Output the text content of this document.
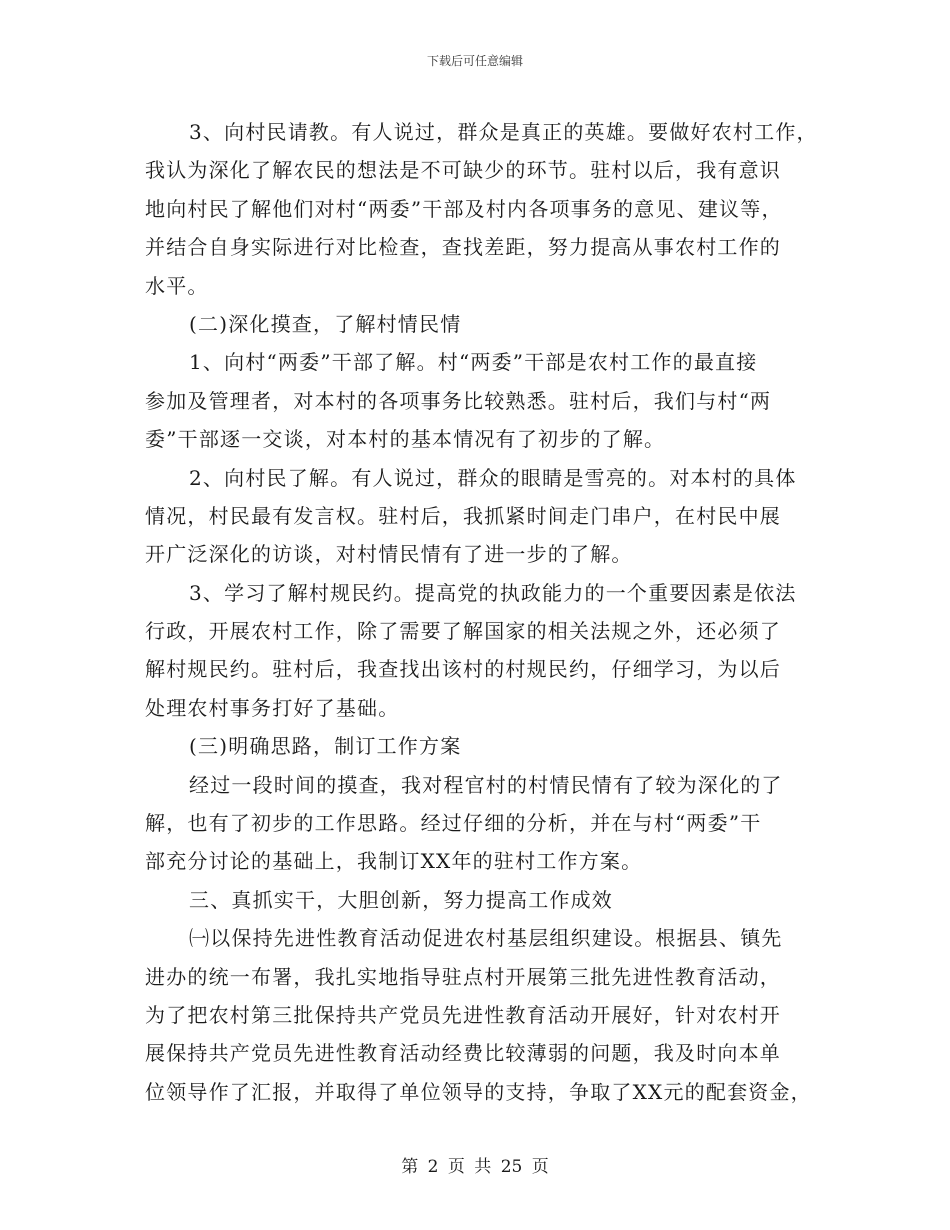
下载后可任意编辑
3、向村民请教。有人说过，群众是真正的英雄。要做好农村工作，
我认为深化了解农民的想法是不可缺少的环节。驻村以后，我有意识
地向村民了解他们对村“两委”干部及村内各项事务的意见、建议等，
并结合自身实际进行对比检查，查找差距，努力提高从事农村工作的
水平。
(二)深化摸查，了解村情民情
1、向村“两委”干部了解。村“两委”干部是农村工作的最直接
参加及管理者，对本村的各项事务比较熟悉。驻村后，我们与村“两
委”干部逐一交谈，对本村的基本情况有了初步的了解。
2、向村民了解。有人说过，群众的眼睛是雪亮的。对本村的具体
情况，村民最有发言权。驻村后，我抓紧时间走门串户，在村民中展
开广泛深化的访谈，对村情民情有了进一步的了解。
3、学习了解村规民约。提高党的执政能力的一个重要因素是依法
行政，开展农村工作，除了需要了解国家的相关法规之外，还必须了
解村规民约。驻村后，我查找出该村的村规民约，仔细学习，为以后
处理农村事务打好了基础。
(三)明确思路，制订工作方案
经过一段时间的摸查，我对程官村的村情民情有了较为深化的了
解，也有了初步的工作思路。经过仔细的分析，并在与村“两委”干
部充分讨论的基础上，我制订XX年的驻村工作方案。
三、真抓实干，大胆创新，努力提高工作成效
㈠以保持先进性教育活动促进农村基层组织建设。根据县、镇先
进办的统一布署，我扎实地指导驻点村开展第三批先进性教育活动，
为了把农村第三批保持共产党员先进性教育活动开展好，针对农村开
展保持共产党员先进性教育活动经费比较薄弱的问题，我及时向本单
位领导作了汇报，并取得了单位领导的支持，争取了XX元的配套资金，
第 2 页 共 25 页
